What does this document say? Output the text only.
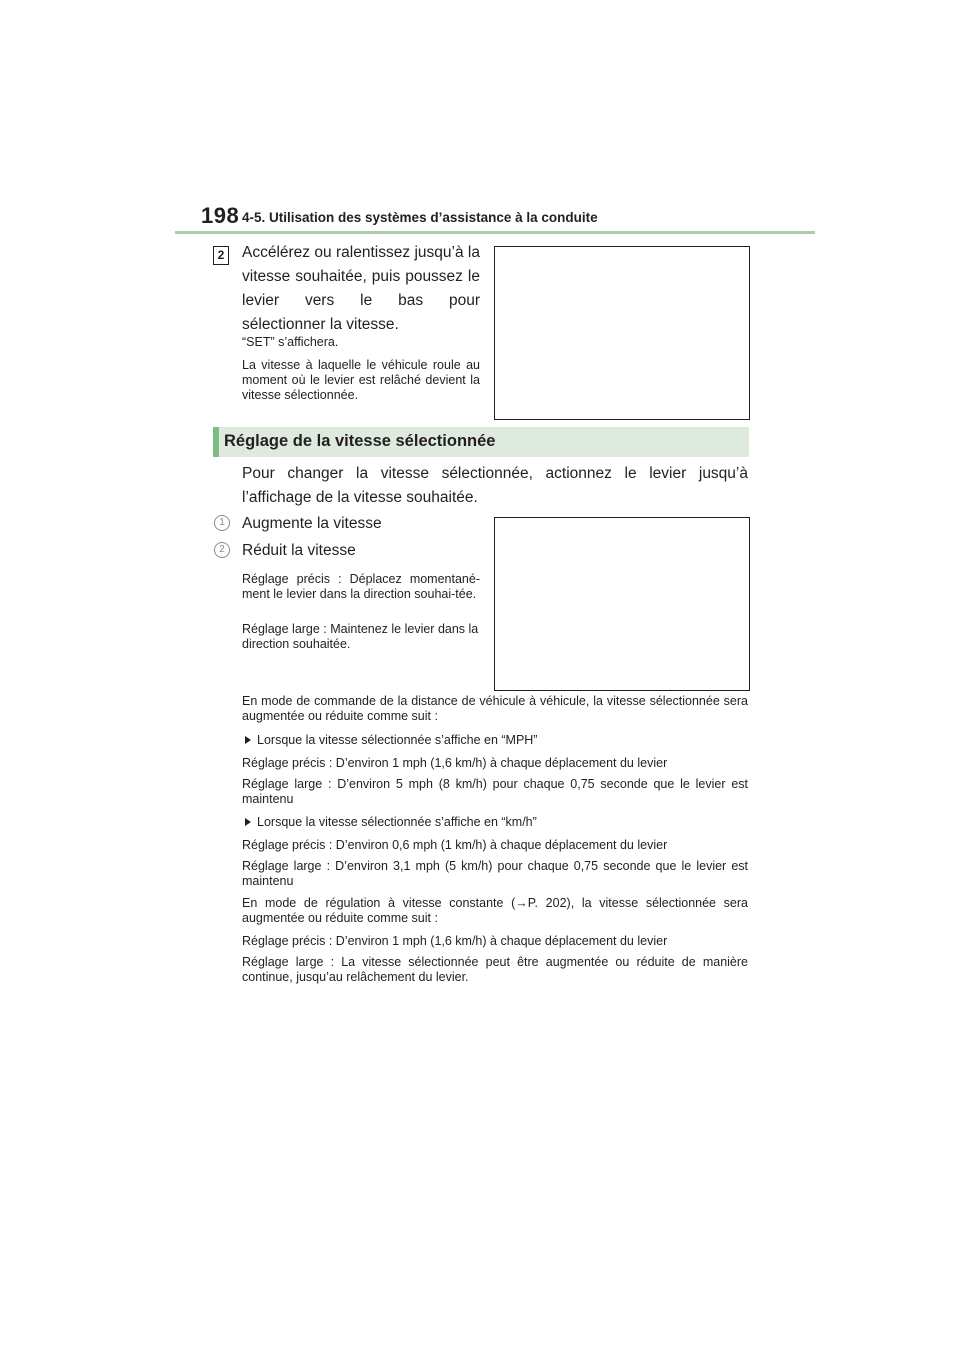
198 4-5. Utilisation des systèmes d’assistance à la conduite
2	Accélérez ou ralentissez jusqu’à la vitesse souhaitée, puis poussez le levier vers le bas pour sélectionner la vitesse.
“SET” s’affichera.
La vitesse à laquelle le véhicule roule au moment où le levier est relâché devient la vitesse sélectionnée.
Réglage de la vitesse sélectionnée
Pour changer la vitesse sélectionnée, actionnez le levier jusqu’à l’affichage de la vitesse souhaitée.
1	Augmente la vitesse
2	Réduit la vitesse
Réglage précis : Déplacez momentané-ment le levier dans la direction souhai-tée.
Réglage large : Maintenez le levier dans la direction souhaitée.
En mode de commande de la distance de véhicule à véhicule, la vitesse sélectionnée sera augmentée ou réduite comme suit :
Lorsque la vitesse sélectionnée s’affiche en “MPH”
Réglage précis : D’environ 1 mph (1,6 km/h) à chaque déplacement du levier
Réglage large : D’environ 5 mph (8 km/h) pour chaque 0,75 seconde que le levier est maintenu
Lorsque la vitesse sélectionnée s’affiche en “km/h”
Réglage précis : D’environ 0,6 mph (1 km/h) à chaque déplacement du levier
Réglage large : D’environ 3,1 mph (5 km/h) pour chaque 0,75 seconde que le levier est maintenu
En mode de régulation à vitesse constante (→P. 202), la vitesse sélectionnée sera augmentée ou réduite comme suit :
Réglage précis : D’environ 1 mph (1,6 km/h) à chaque déplacement du levier
Réglage large : La vitesse sélectionnée peut être augmentée ou réduite de manière continue, jusqu’au relâchement du levier.
